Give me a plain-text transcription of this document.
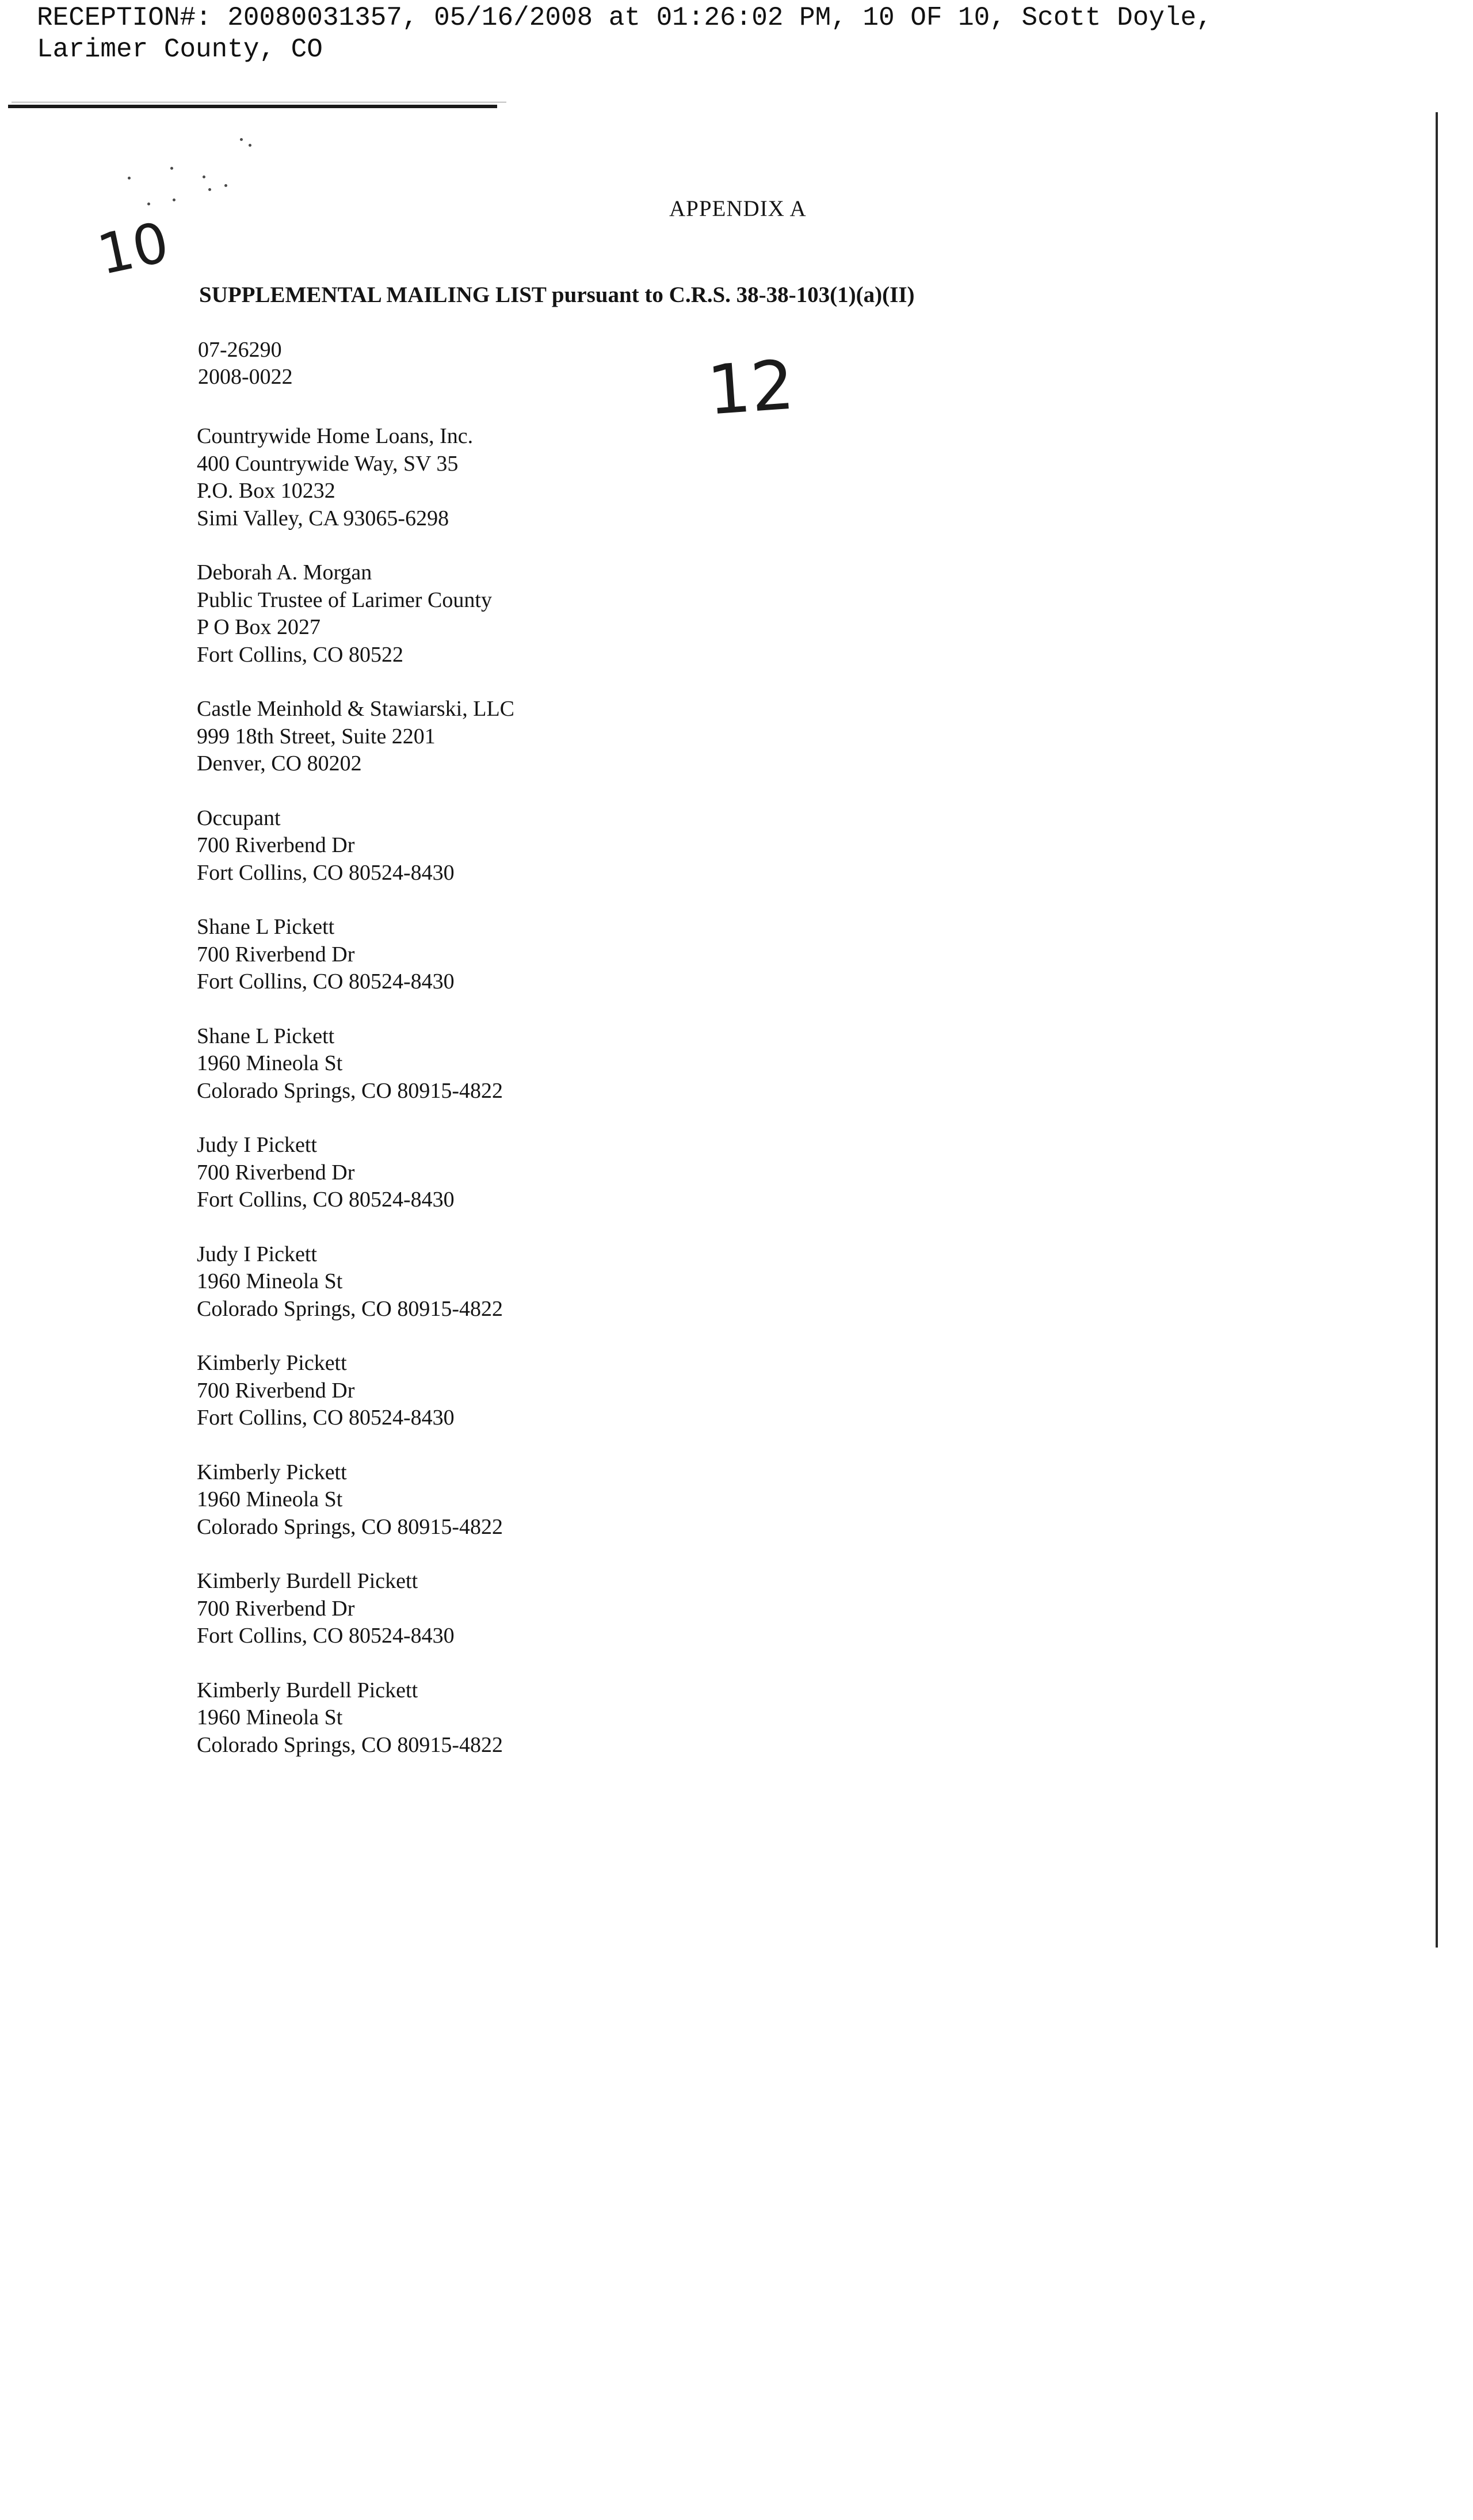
RECEPTION#: 20080031357, 05/16/2008 at 01:26:02 PM, 10 OF 10, Scott Doyle,
Larimer County, CO
10
12
APPENDIX A
SUPPLEMENTAL MAILING LIST pursuant to C.R.S. 38-38-103(1)(a)(II)
07-26290
2008-0022
Countrywide Home Loans, Inc.
400 Countrywide Way, SV 35
P.O. Box 10232
Simi Valley, CA 93065-6298
Deborah A. Morgan
Public Trustee of Larimer County
P O Box 2027
Fort Collins, CO 80522
Castle Meinhold & Stawiarski, LLC
999 18th Street, Suite 2201
Denver, CO 80202
Occupant
700 Riverbend Dr
Fort Collins, CO 80524-8430
Shane L Pickett
700 Riverbend Dr
Fort Collins, CO 80524-8430
Shane L Pickett
1960 Mineola St
Colorado Springs, CO 80915-4822
Judy I Pickett
700 Riverbend Dr
Fort Collins, CO 80524-8430
Judy I Pickett
1960 Mineola St
Colorado Springs, CO 80915-4822
Kimberly Pickett
700 Riverbend Dr
Fort Collins, CO 80524-8430
Kimberly Pickett
1960 Mineola St
Colorado Springs, CO 80915-4822
Kimberly Burdell Pickett
700 Riverbend Dr
Fort Collins, CO 80524-8430
Kimberly Burdell Pickett
1960 Mineola St
Colorado Springs, CO 80915-4822
